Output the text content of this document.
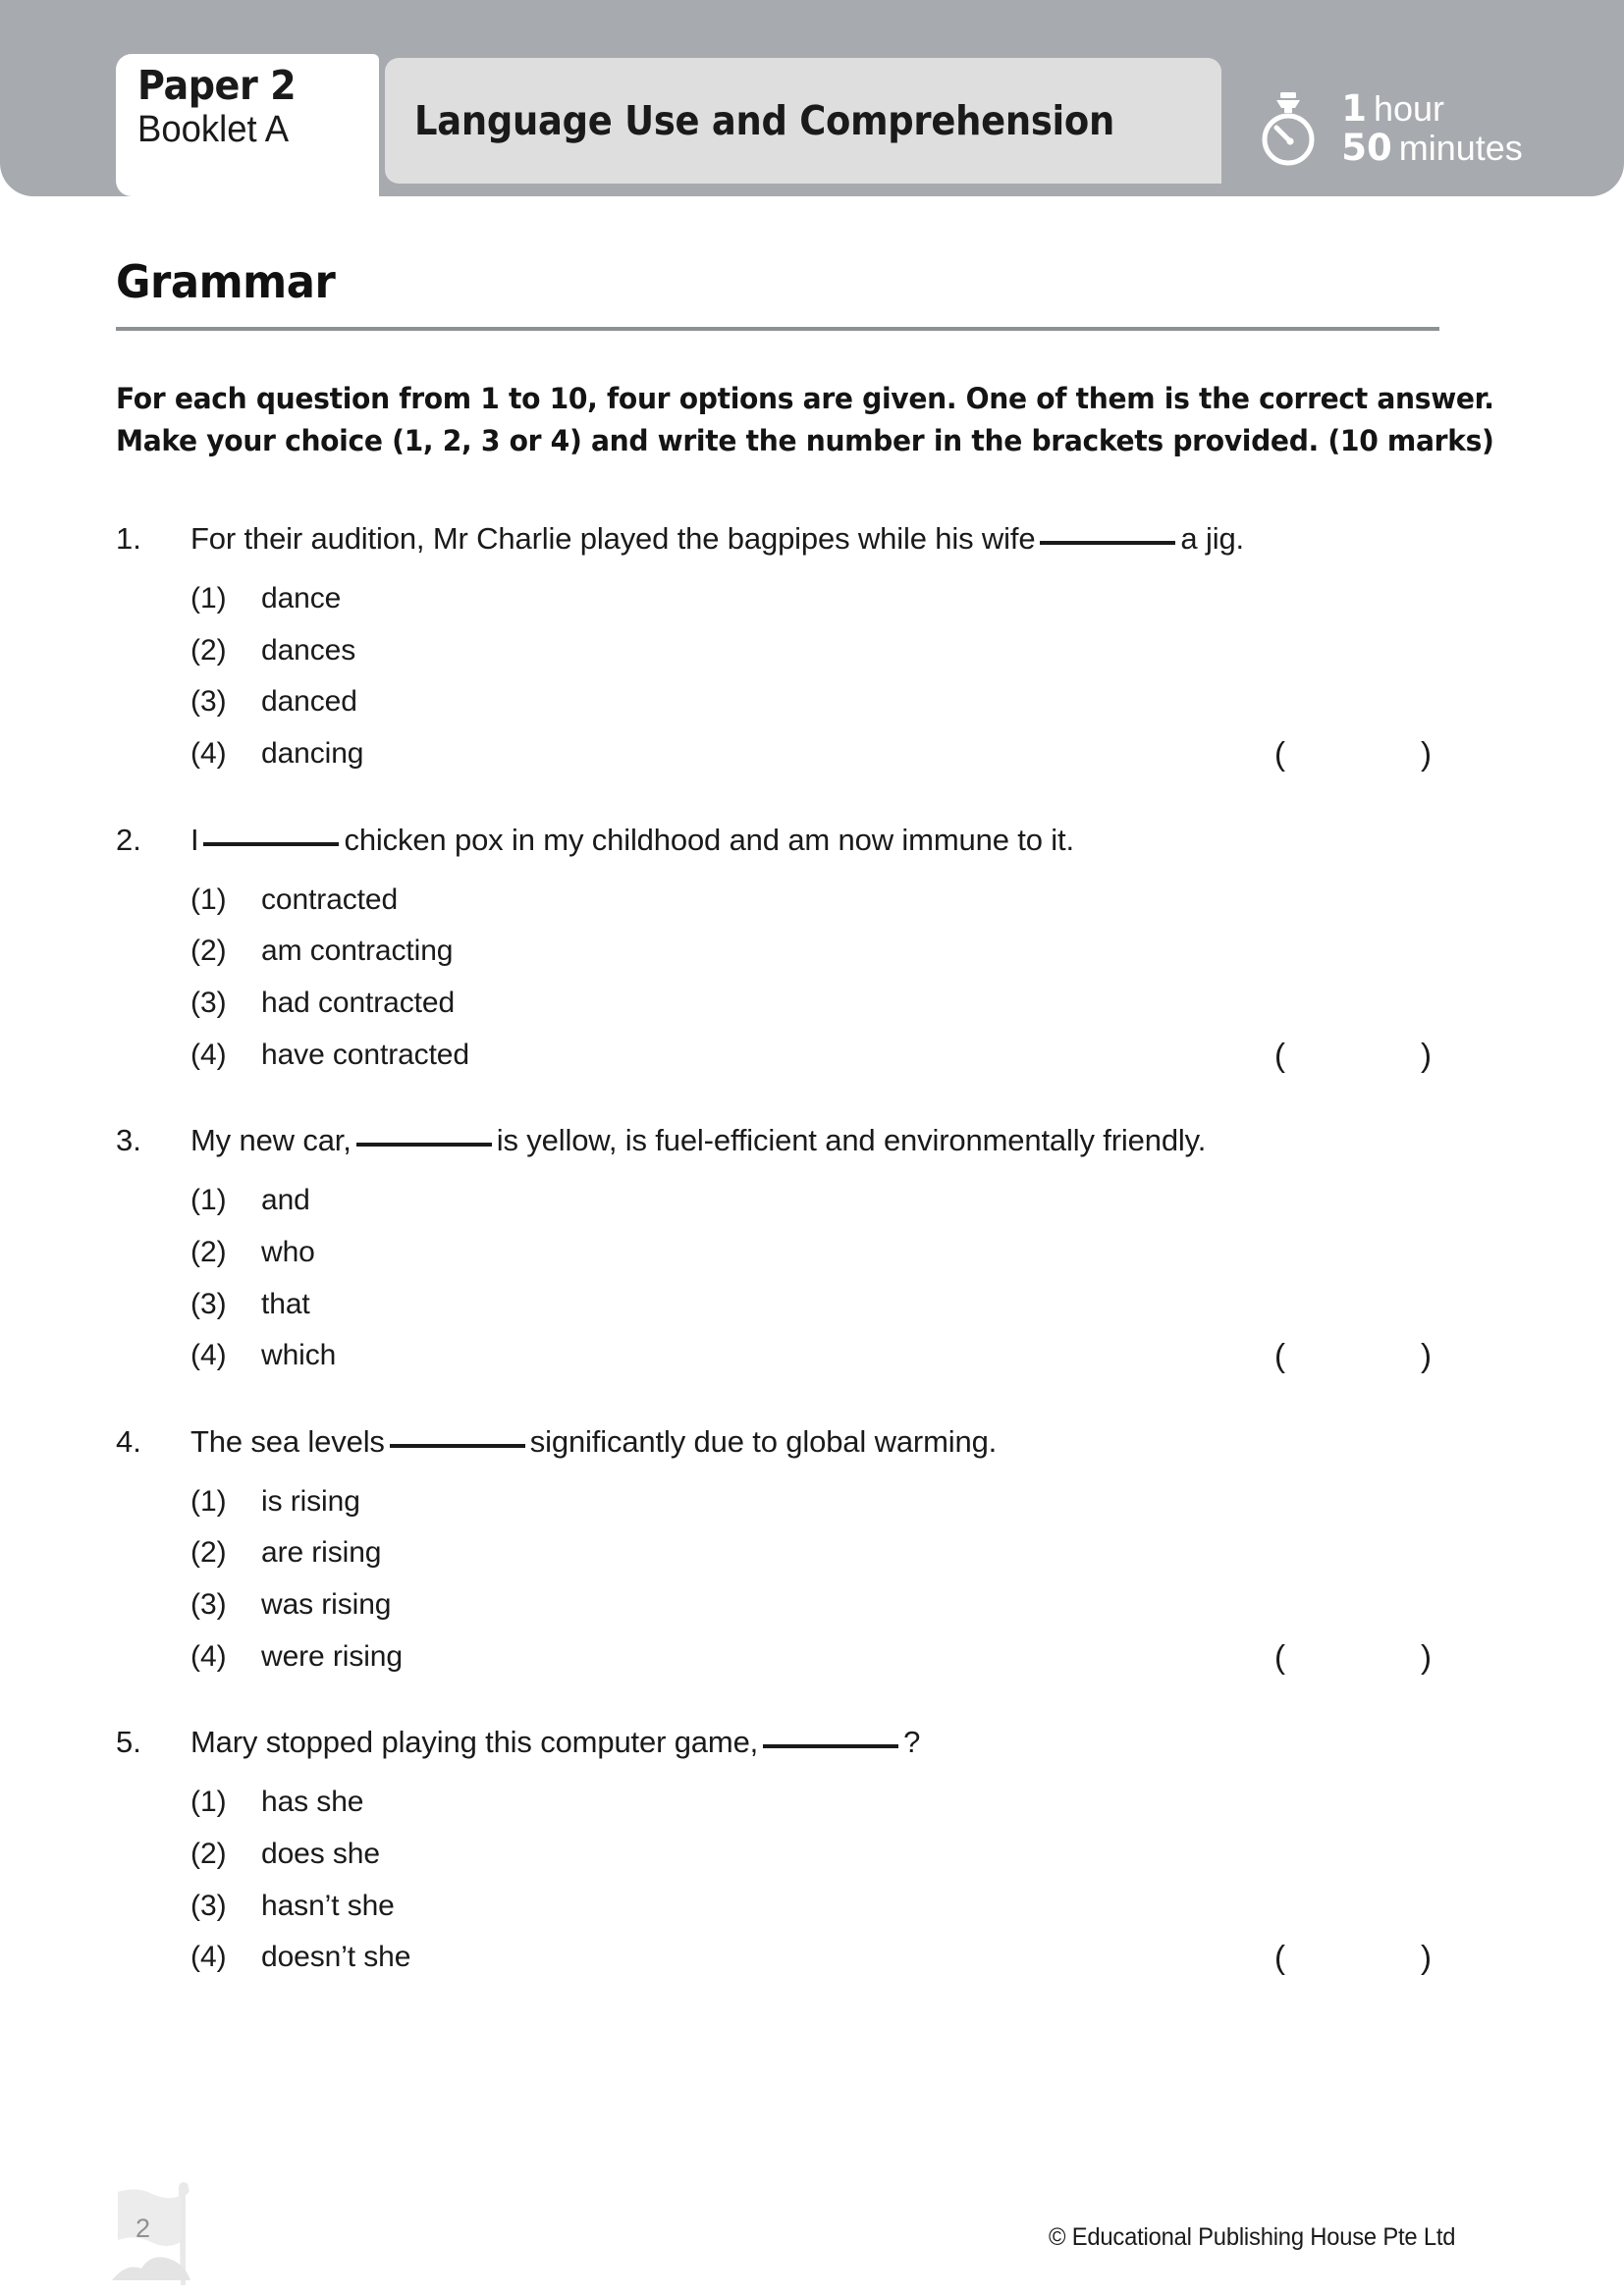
Paper 2
Booklet A	Language Use and Comprehension	1 hour
50 minutes
Grammar
For each question from 1 to 10, four options are given. One of them is the correct answer.
Make your choice (1, 2, 3 or 4) and write the number in the brackets provided. (10 marks)
1.	For their audition, Mr Charlie played the bagpipes while his wife	a jig.
(1)	dance
(2)	dances
(3)	danced
(4)	dancing	(	)
2.	I	chicken pox in my childhood and am now immune to it.
(1)	contracted
(2)	am contracting
(3)	had contracted
(4)	have contracted	(	)
3.	My new car,	is yellow, is fuel-efficient and environmentally friendly.
(1)	and
(2)	who
(3)	that
(4)	which	(	)
4.	The sea levels	significantly due to global warming.
(1)	is rising
(2)	are rising
(3)	was rising
(4)	were rising	(	)
5.	Mary stopped playing this computer game,	?
(1)	has she
(2)	does she
(3)	hasn’t she
(4)	doesn’t she	(	)
2	© Educational Publishing House Pte Ltd
